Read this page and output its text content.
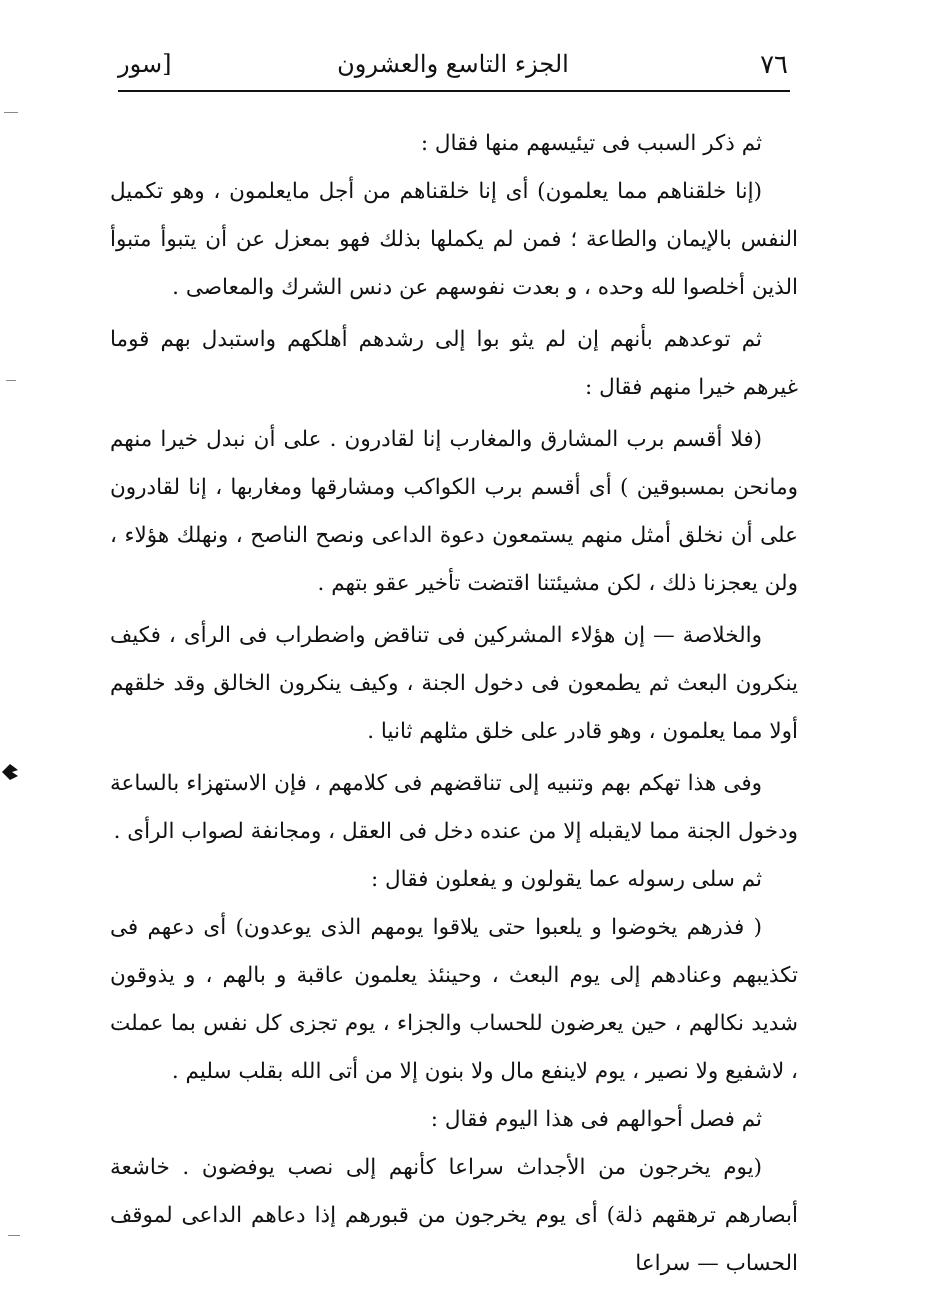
٧٦
الجزء التاسع والعشرون
[سور

ثم ذكر السبب فى تيئيسهم منها فقال :

(إنا خلقناهم مما يعلمون) أى إنا خلقناهم من أجل مايعلمون ، وهو تكميل النفس بالإيمان والطاعة ؛ فمن لم يكملها بذلك فهو بمعزل عن أن يتبوأ متبوأ الذين أخلصوا لله وحده ، و بعدت نفوسهم عن دنس الشرك والمعاصى .

ثم توعدهم بأنهم إن لم يثو بوا إلى رشدهم أهلكهم واستبدل بهم قوما غيرهم خيرا منهم فقال :

(فلا أقسم برب المشارق والمغارب إنا لقادرون . على أن نبدل خيرا منهم ومانحن بمسبوقين ) أى أقسم برب الكواكب ومشارقها ومغاربها ، إنا لقادرون على أن نخلق أمثل منهم يستمعون دعوة الداعى ونصح الناصح ، ونهلك هؤلاء ، ولن يعجزنا ذلك ، لكن مشيئتنا اقتضت تأخير عقو بتهم .

والخلاصة — إن هؤلاء المشركين فى تناقض واضطراب فى الرأى ، فكيف ينكرون البعث ثم يطمعون فى دخول الجنة ، وكيف ينكرون الخالق وقد خلقهم أولا مما يعلمون ، وهو قادر على خلق مثلهم ثانيا .

وفى هذا تهكم بهم وتنبيه إلى تناقضهم فى كلامهم ، فإن الاستهزاء بالساعة ودخول الجنة مما لايقبله إلا من عنده دخل فى العقل ، ومجانفة لصواب الرأى .

ثم سلى رسوله عما يقولون و يفعلون فقال :

( فذرهم يخوضوا و يلعبوا حتى يلاقوا يومهم الذى يوعدون) أى دعهم فى تكذيبهم وعنادهم إلى يوم البعث ، وحينئذ يعلمون عاقبة و بالهم ، و يذوقون شديد نكالهم ، حين يعرضون للحساب والجزاء ، يوم تجزى كل نفس بما عملت ، لاشفيع ولا نصير ، يوم لاينفع مال ولا بنون إلا من أتى الله بقلب سليم .

ثم فصل أحوالهم فى هذا اليوم فقال :

(يوم يخرجون من الأجداث سراعا كأنهم إلى نصب يوفضون . خاشعة أبصارهم ترهقهم ذلة) أى يوم يخرجون من قبورهم إذا دعاهم الداعى لموقف الحساب — سراعا
